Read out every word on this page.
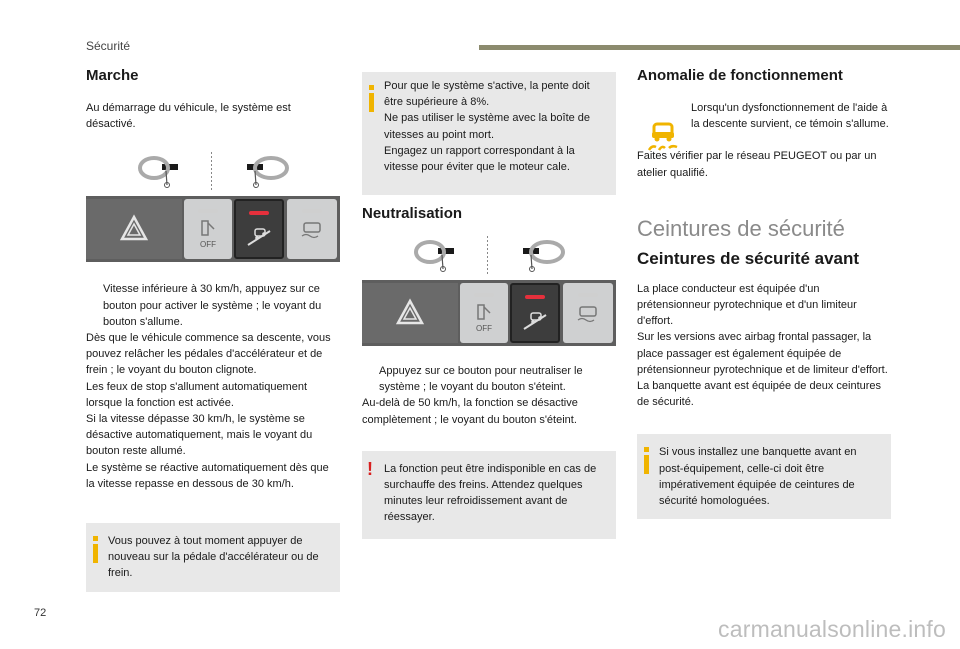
Sécurité
Marche

Au démarrage du véhicule, le système est désactivé.

OFF
Vitesse inférieure à 30 km/h, appuyez sur ce bouton pour activer le système ; le voyant du bouton s'allume.

Dès que le véhicule commence sa descente, vous pouvez relâcher les pédales d'accélérateur et de frein ; le voyant du bouton clignote.

Les feux de stop s'allument automatiquement lorsque la fonction est activée.

Si la vitesse dépasse 30 km/h, le système se désactive automatiquement, mais le voyant du bouton reste allumé.

Le système se réactive automatiquement dès que la vitesse repasse en dessous de 30 km/h.

Vous pouvez à tout moment appuyer de nouveau sur la pédale d'accélérateur ou de frein.

Pour que le système s'active, la pente doit être supérieure à 8%.

Ne pas utiliser le système avec la boîte de vitesses au point mort.

Engagez un rapport correspondant à la vitesse pour éviter que le moteur cale.

Neutralisation
OFF
Appuyez sur ce bouton pour neutraliser le système ; le voyant du bouton s'éteint.

Au-delà de 50 km/h, la fonction se désactive complètement ; le voyant du bouton s'éteint.

! La fonction peut être indisponible en cas de surchauffe des freins. Attendez quelques minutes leur refroidissement avant de réessayer.
Anomalie de fonctionnement

Lorsqu'un dysfonctionnement de l'aide à la descente survient, ce témoin s'allume.

Faites vérifier par le réseau PEUGEOT ou par un atelier qualifié.

Ceintures de sécurité
Ceintures de sécurité avant

La place conducteur est équipée d'un prétensionneur pyrotechnique et d'un limiteur d'effort.

Sur les versions avec airbag frontal passager, la place passager est également équipée de prétensionneur pyrotechnique et de limiteur d'effort.

La banquette avant est équipée de deux ceintures de sécurité.

Si vous installez une banquette avant en post-équipement, celle-ci doit être impérativement équipée de ceintures de sécurité homologuées.
72
carmanualsonline.info
